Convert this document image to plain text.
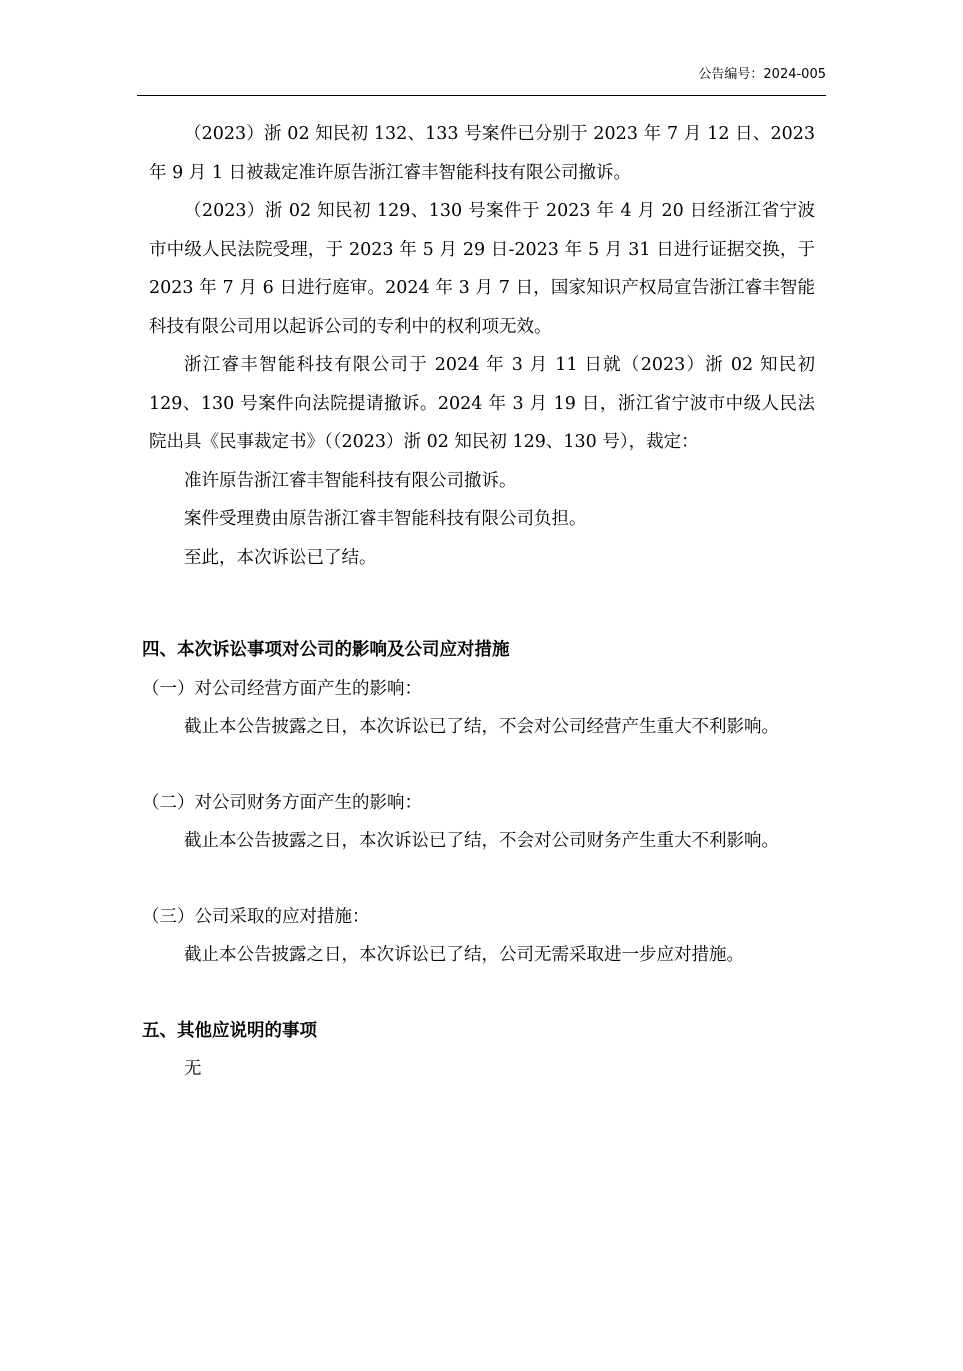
公告编号：2024-005

（2023）浙 02 知民初 132、133 号案件已分别于 2023 年 7 月 12 日、2023 年 9 月 1 日被裁定准许原告浙江睿丰智能科技有限公司撤诉。

（2023）浙 02 知民初 129、130 号案件于 2023 年 4 月 20 日经浙江省宁波市中级人民法院受理，于 2023 年 5 月 29 日-2023 年 5 月 31 日进行证据交换，于 2023 年 7 月 6 日进行庭审。2024 年 3 月 7 日，国家知识产权局宣告浙江睿丰智能科技有限公司用以起诉公司的专利中的权利项无效。

浙江睿丰智能科技有限公司于 2024 年 3 月 11 日就（2023）浙 02 知民初 129、130 号案件向法院提请撤诉。2024 年 3 月 19 日，浙江省宁波市中级人民法院出具《民事裁定书》（（2023）浙 02 知民初 129、130 号），裁定：

准许原告浙江睿丰智能科技有限公司撤诉。

案件受理费由原告浙江睿丰智能科技有限公司负担。

至此，本次诉讼已了结。

四、本次诉讼事项对公司的影响及公司应对措施

（一）对公司经营方面产生的影响：

截止本公告披露之日，本次诉讼已了结，不会对公司经营产生重大不利影响。

（二）对公司财务方面产生的影响：

截止本公告披露之日，本次诉讼已了结，不会对公司财务产生重大不利影响。

（三）公司采取的应对措施：

截止本公告披露之日，本次诉讼已了结，公司无需采取进一步应对措施。

五、其他应说明的事项

无
